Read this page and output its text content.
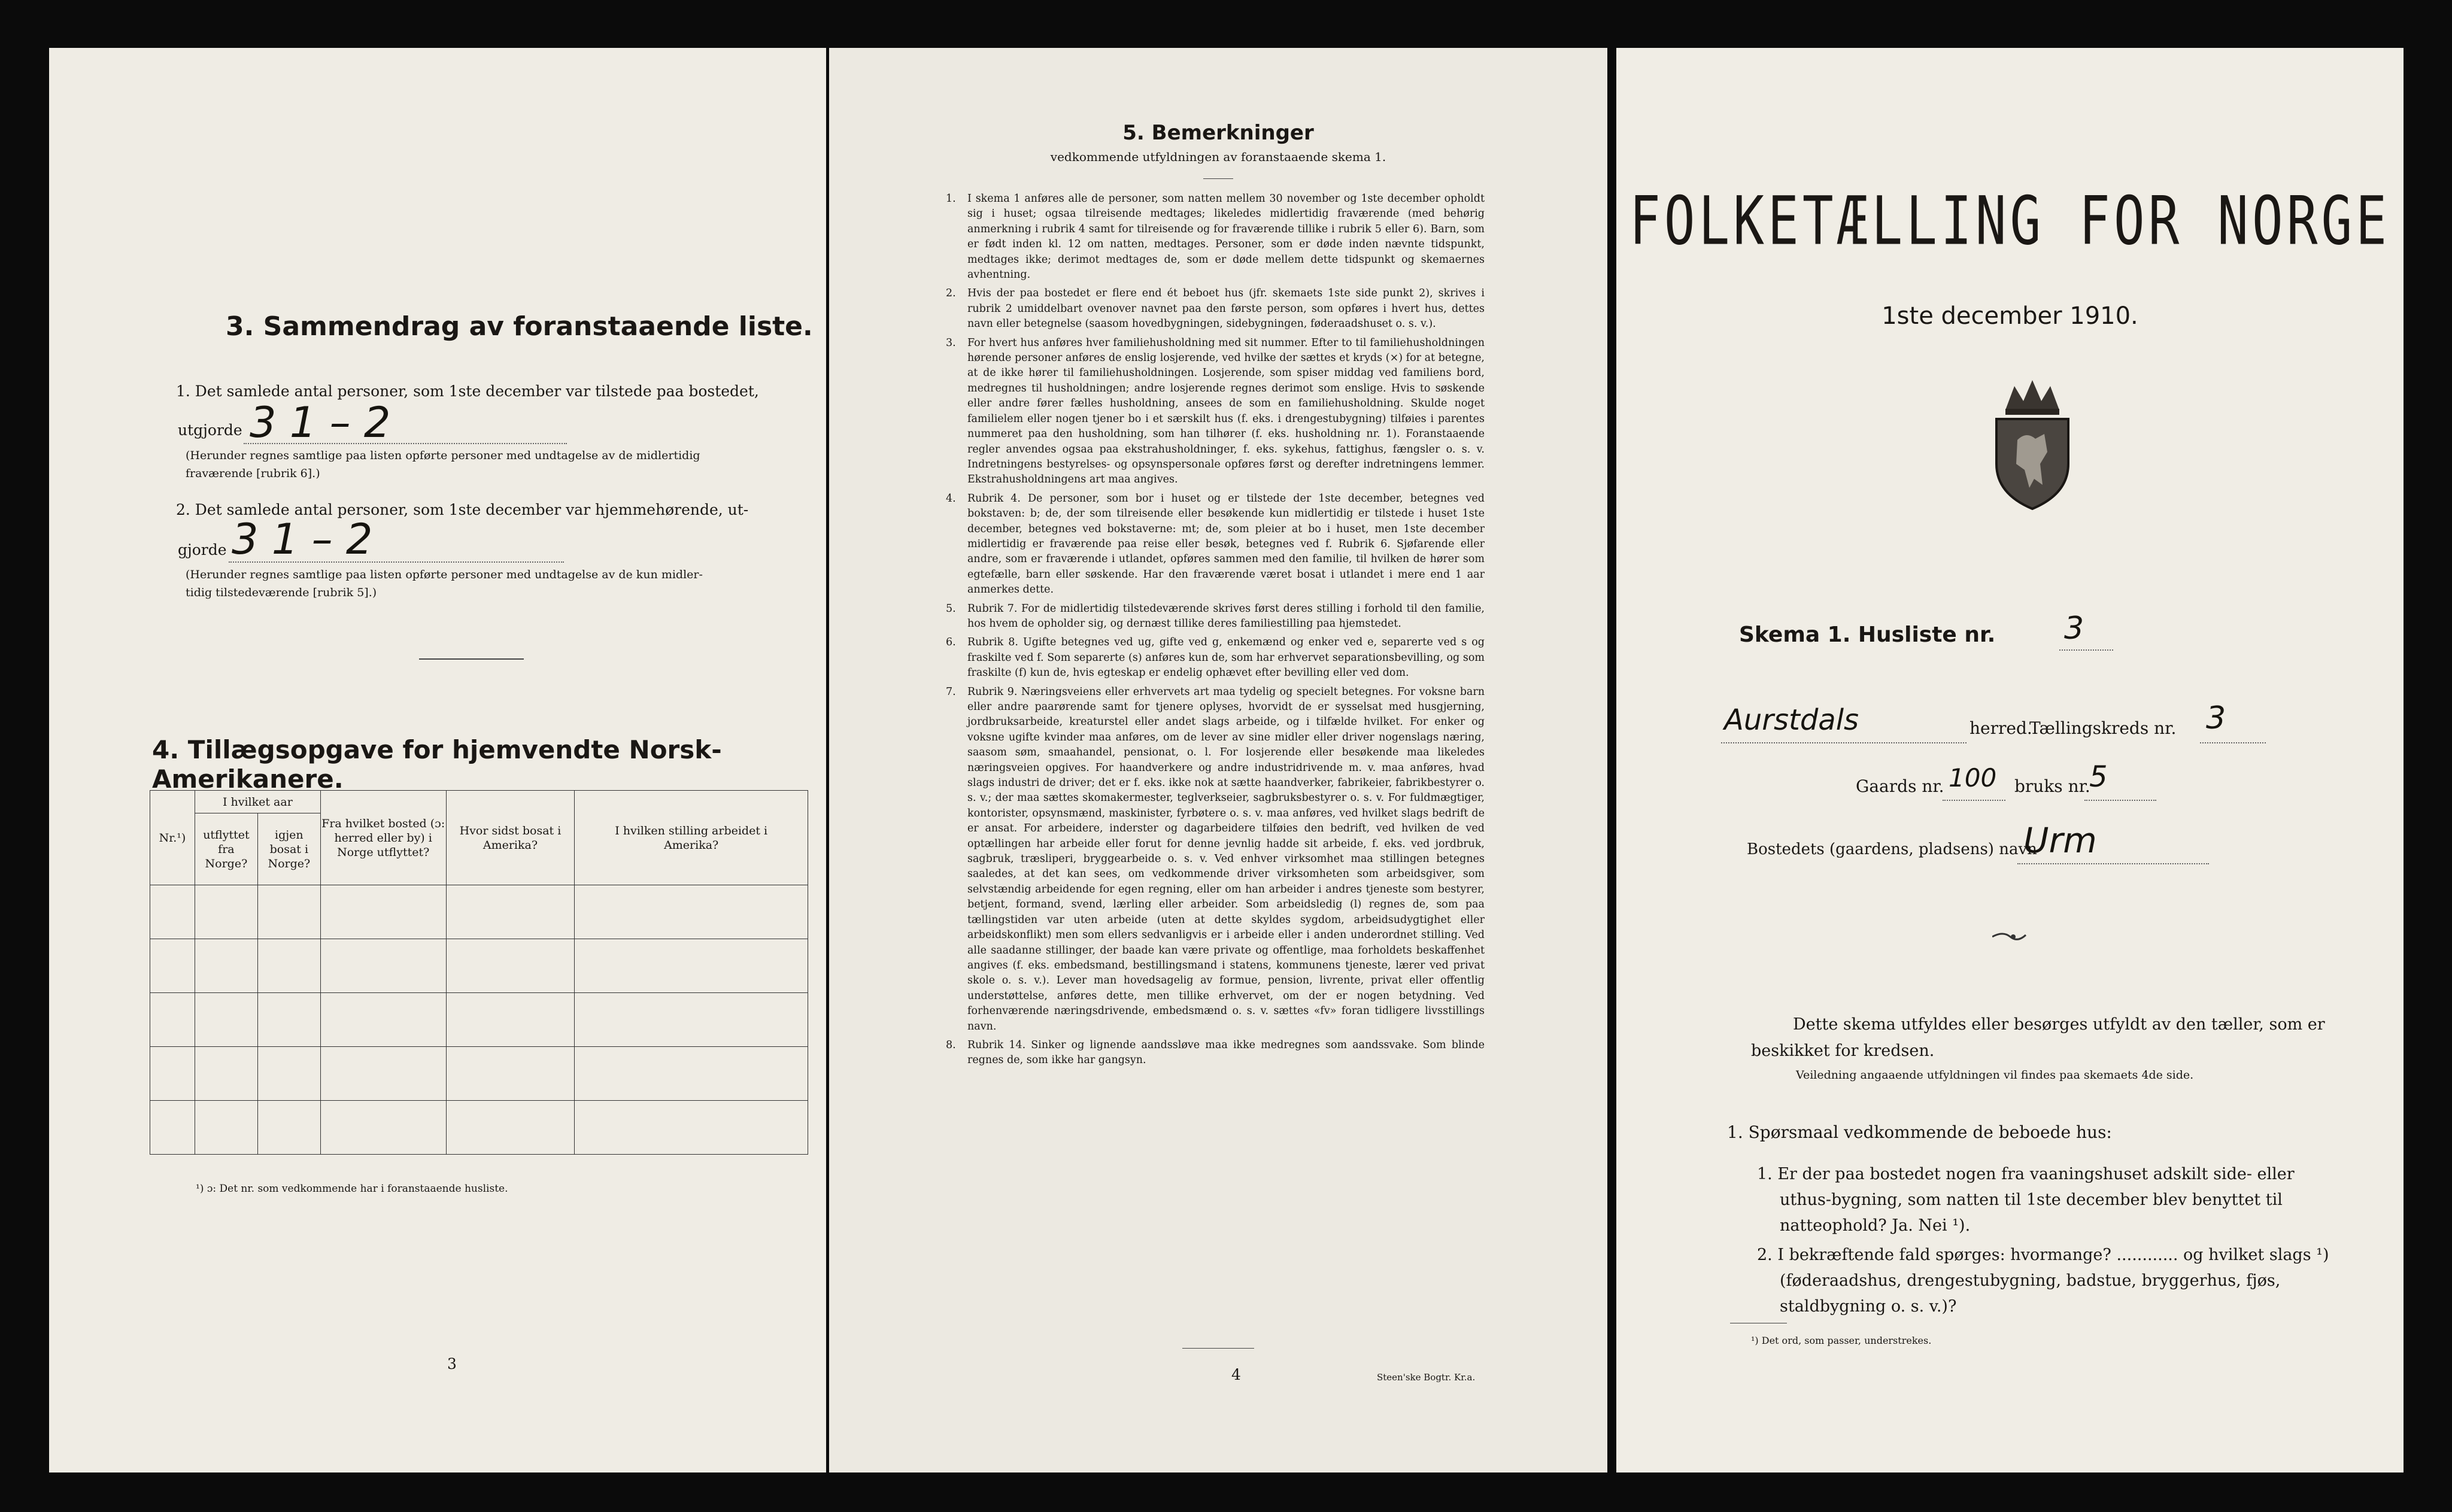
3. Sammendrag av foranstaaende liste.
1. Det samlede antal personer, som 1ste december var tilstede paa bostedet,
utgjorde 3 1 – 2
(Herunder regnes samtlige paa listen opførte personer med undtagelse av de midlertidig
fraværende [rubrik 6].)
2. Det samlede antal personer, som 1ste december var hjemmehørende, ut-
gjorde 3 1 – 2
(Herunder regnes samtlige paa listen opførte personer med undtagelse av de kun midler-
tidig tilstedeværende [rubrik 5].)
4. Tillægsopgave for hjemvendte Norsk-Amerikanere.
Nr.¹)	I hvilket aar		Fra hvilket bosted (ɔ: herred eller by) i Norge utflyttet?	Hvor sidst bosat i Amerika?	I hvilken stilling arbeidet i Amerika?
	utflyttet fra Norge?	igjen bosat i Norge?			

¹) ɔ: Det nr. som vedkommende har i foranstaaende husliste.
3
5. Bemerkninger
vedkommende utfyldningen av foranstaaende skema 1.

1. I skema 1 anføres alle de personer, som natten mellem 30 november og 1ste december opholdt sig i huset; ogsaa tilreisende medtages; likeledes midlertidig fraværende (med behørig anmerkning i rubrik 4 samt for tilreisende og for fraværende tillike i rubrik 5 eller 6). Barn, som er født inden kl. 12 om natten, medtages. Personer, som er døde inden nævnte tidspunkt, medtages ikke; derimot medtages de, som er døde mellem dette tidspunkt og skemaernes avhentning.

2. Hvis der paa bostedet er flere end ét beboet hus (jfr. skemaets 1ste side punkt 2), skrives i rubrik 2 umiddelbart ovenover navnet paa den første person, som opføres i hvert hus, dettes navn eller betegnelse (saasom hovedbygningen, sidebygningen, føderaadshuset o. s. v.).

3. For hvert hus anføres hver familiehusholdning med sit nummer. Efter to til familiehusholdningen hørende personer anføres de enslig losjerende, ved hvilke der sættes et kryds (×) for at betegne, at de ikke hører til familiehusholdningen. Losjerende, som spiser middag ved familiens bord, medregnes til husholdningen; andre losjerende regnes derimot som enslige. Hvis to søskende eller andre fører fælles husholdning, ansees de som en familiehusholdning. Skulde noget familielem eller nogen tjener bo i et særskilt hus (f. eks. i drengestubygning) tilføies i parentes nummeret paa den husholdning, som han tilhører (f. eks. husholdning nr. 1). Foranstaaende regler anvendes ogsaa paa ekstrahusholdninger, f. eks. sykehus, fattighus, fængsler o. s. v. Indretningens bestyrelses- og opsynspersonale opføres først og derefter indretningens lemmer. Ekstrahusholdningens art maa angives.

4. Rubrik 4. De personer, som bor i huset og er tilstede der 1ste december, betegnes ved bokstaven: b; de, der som tilreisende eller besøkende kun midlertidig er tilstede i huset 1ste december, betegnes ved bokstaverne: mt; de, som pleier at bo i huset, men 1ste december midlertidig er fraværende paa reise eller besøk, betegnes ved f. Rubrik 6. Sjøfarende eller andre, som er fraværende i utlandet, opføres sammen med den familie, til hvilken de hører som egtefælle, barn eller søskende. Har den fraværende været bosat i utlandet i mere end 1 aar anmerkes dette.

5. Rubrik 7. For de midlertidig tilstedeværende skrives først deres stilling i forhold til den familie, hos hvem de opholder sig, og dernæst tillike deres familiestilling paa hjemstedet.

6. Rubrik 8. Ugifte betegnes ved ug, gifte ved g, enkemænd og enker ved e, separerte ved s og fraskilte ved f. Som separerte (s) anføres kun de, som har erhvervet separationsbevilling, og som fraskilte (f) kun de, hvis egteskap er endelig ophævet efter bevilling eller ved dom.

7. Rubrik 9. Næringsveiens eller erhvervets art maa tydelig og specielt betegnes. For voksne barn eller andre paarørende samt for tjenere oplyses, hvorvidt de er sysselsat med husgjerning, jordbruksarbeide, kreaturstel eller andet slags arbeide, og i tilfælde hvilket. For enker og voksne ugifte kvinder maa anføres, om de lever av sine midler eller driver nogenslags næring, saasom søm, smaahandel, pensionat, o. l. For losjerende eller besøkende maa likeledes næringsveien opgives. For haandverkere og andre industridrivende m. v. maa anføres, hvad slags industri de driver; det er f. eks. ikke nok at sætte haandverker, fabrikeier, fabrikbestyrer o. s. v.; der maa sættes skomakermester, teglverkseier, sagbruksbestyrer o. s. v. For fuldmægtiger, kontorister, opsynsmænd, maskinister, fyrbøtere o. s. v. maa anføres, ved hvilket slags bedrift de er ansat. For arbeidere, inderster og dagarbeidere tilføies den bedrift, ved hvilken de ved optællingen har arbeide eller forut for denne jevnlig hadde sit arbeide, f. eks. ved jordbruk, sagbruk, træsliperi, bryggearbeide o. s. v. Ved enhver virksomhet maa stillingen betegnes saaledes, at det kan sees, om vedkommende driver virksomheten som arbeidsgiver, som selvstændig arbeidende for egen regning, eller om han arbeider i andres tjeneste som bestyrer, betjent, formand, svend, lærling eller arbeider. Som arbeidsledig (l) regnes de, som paa tællingstiden var uten arbeide (uten at dette skyldes sygdom, arbeidsudygtighet eller arbeidskonflikt) men som ellers sedvanligvis er i arbeide eller i anden underordnet stilling. Ved alle saadanne stillinger, der baade kan være private og offentlige, maa forholdets beskaffenhet angives (f. eks. embedsmand, bestillingsmand i statens, kommunens tjeneste, lærer ved privat skole o. s. v.). Lever man hovedsagelig av formue, pension, livrente, privat eller offentlig understøttelse, anføres dette, men tillike erhvervet, om der er nogen betydning. Ved forhenværende næringsdrivende, embedsmænd o. s. v. sættes «fv» foran tidligere livsstillings navn.

8. Rubrik 14. Sinker og lignende aandssløve maa ikke medregnes som aandssvake. Som blinde regnes de, som ikke har gangsyn.

4	Steen'ske Bogtr. Kr.a.
FOLKETÆLLING FOR NORGE
1ste december 1910.
Skema 1. Husliste nr. 3
Aurstdals	herred.
Tællingskreds nr. 3
Gaards nr. 100 bruks nr.
5
Bostedets (gaardens, pladsens) navn
Urm
Dette skema utfyldes eller besørges utfyldt av den tæller, som er beskikket for kredsen.
Veiledning angaaende utfyldningen vil findes paa skemaets 4de side.
1. Spørsmaal vedkommende de beboede hus:
1. Er der paa bostedet nogen fra vaaningshuset adskilt side- eller uthus-bygning, som natten til 1ste december blev benyttet til natteophold? Ja. Nei ¹).
2. I bekræftende fald spørges: hvormange? ............ og hvilket slags ¹) (føderaadshus, drengestubygning, badstue, bryggerhus, fjøs, staldbygning o. s. v.)?
¹) Det ord, som passer, understrekes.
